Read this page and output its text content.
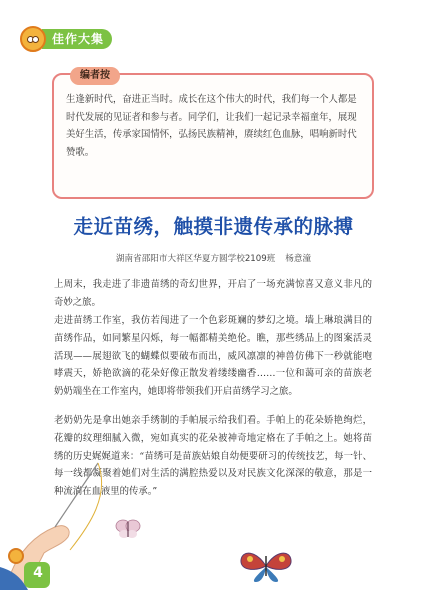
佳作大集
编者按
生逢新时代，奋进正当时。成长在这个伟大的时代，我们每一个人都是时代发展的见证者和参与者。同学们，让我们一起记录幸福童年，展现美好生活，传承家国情怀，弘扬民族精神，赓续红色血脉，唱响新时代赞歌。
走近苗绣，触摸非遗传承的脉搏
湖南省邵阳市大祥区华夏方圆学校2109班 杨意潼

上周末，我走进了非遗苗绣的奇幻世界，开启了一场充满惊喜又意义非凡的奇妙之旅。

走进苗绣工作室，我仿若闯进了一个色彩斑斓的梦幻之境。墙上琳琅满目的苗绣作品，如同繁星闪烁，每一幅都精美绝伦。瞧，那些绣品上的图案活灵活现——展翅欲飞的蝴蝶似要破布而出，威风凛凛的神兽仿佛下一秒就能咆哮震天，娇艳欲滴的花朵好像正散发着缕缕幽香……一位和蔼可亲的苗族老奶奶端坐在工作室内，她即将带领我们开启苗绣学习之旅。

老奶奶先是拿出她亲手绣制的手帕展示给我们看。手帕上的花朵娇艳绚烂，花瓣的纹理细腻入微，宛如真实的花朵被神奇地定格在了手帕之上。她将苗绣的历史娓娓道来：“苗绣可是苗族姑娘自幼便要研习的传统技艺，每一针、每一线都凝聚着她们对生活的满腔热爱以及对民族文化深深的敬意，那是一种流淌在血液里的传承。”

4
